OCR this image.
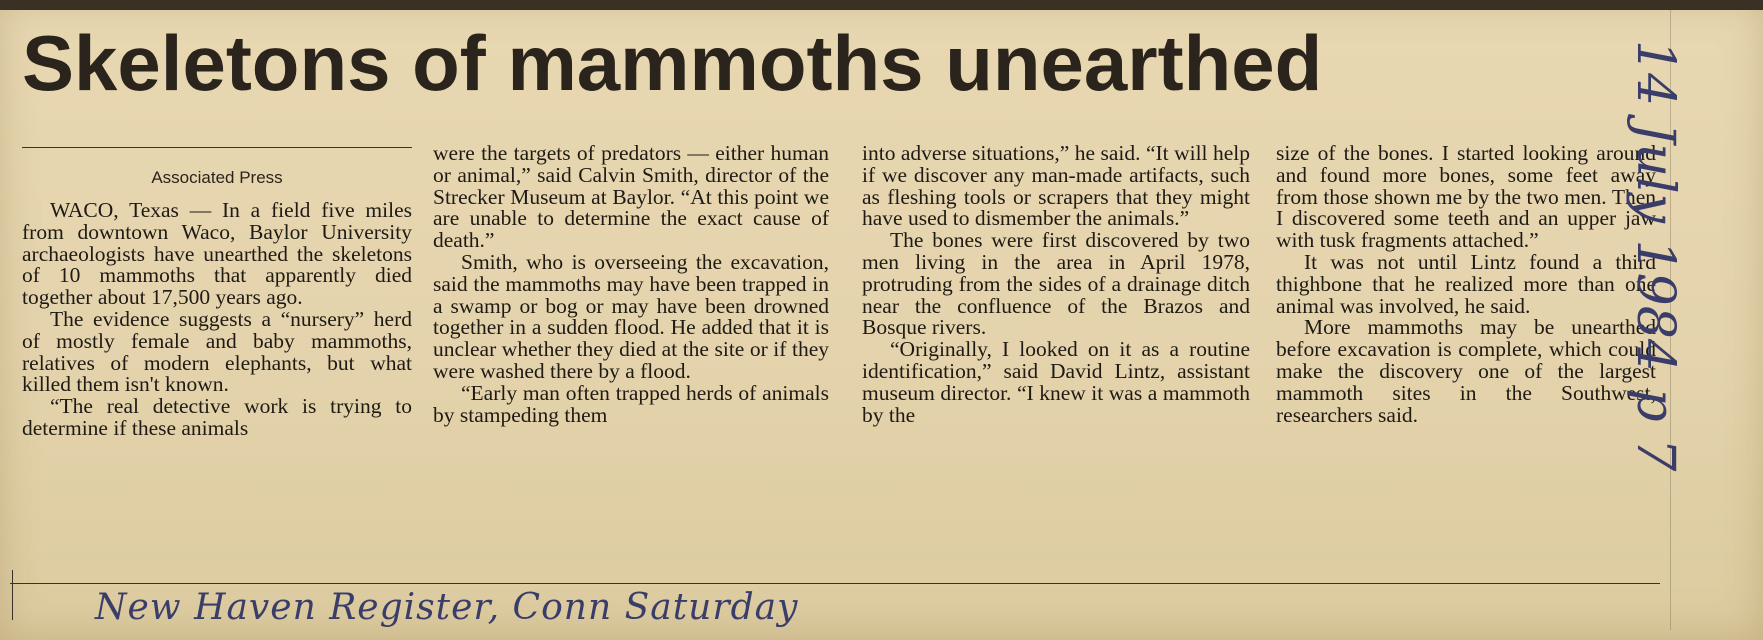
Skeletons of mammoths unearthed
Associated Press

WACO, Texas — In a field five miles from downtown Waco, Baylor University archaeologists have unearthed the skeletons of 10 mammoths that apparently died together about 17,500 years ago.

The evidence suggests a “nursery” herd of mostly female and baby mammoths, relatives of modern elephants, but what killed them isn't known.

“The real detective work is trying to determine if these animals

were the targets of predators — either human or animal,” said Calvin Smith, director of the Strecker Museum at Baylor. “At this point we are unable to determine the exact cause of death.”

Smith, who is overseeing the excavation, said the mammoths may have been trapped in a swamp or bog or may have been drowned together in a sudden flood. He added that it is unclear whether they died at the site or if they were washed there by a flood.

“Early man often trapped herds of animals by stampeding them

into adverse situations,” he said. “It will help if we discover any man-made artifacts, such as fleshing tools or scrapers that they might have used to dismember the animals.”

The bones were first discovered by two men living in the area in April 1978, protruding from the sides of a drainage ditch near the confluence of the Brazos and Bosque rivers.

“Originally, I looked on it as a routine identification,” said David Lintz, assistant museum director. “I knew it was a mammoth by the

size of the bones. I started looking around and found more bones, some feet away from those shown me by the two men. Then I discovered some teeth and an upper jaw with tusk fragments attached.”

It was not until Lintz found a third thighbone that he realized more than one animal was involved, he said.

More mammoths may be unearthed before excavation is complete, which could make the discovery one of the largest mammoth sites in the Southwest, researchers said.

New Haven Register, Conn Saturday
14 July 1984 p 7
